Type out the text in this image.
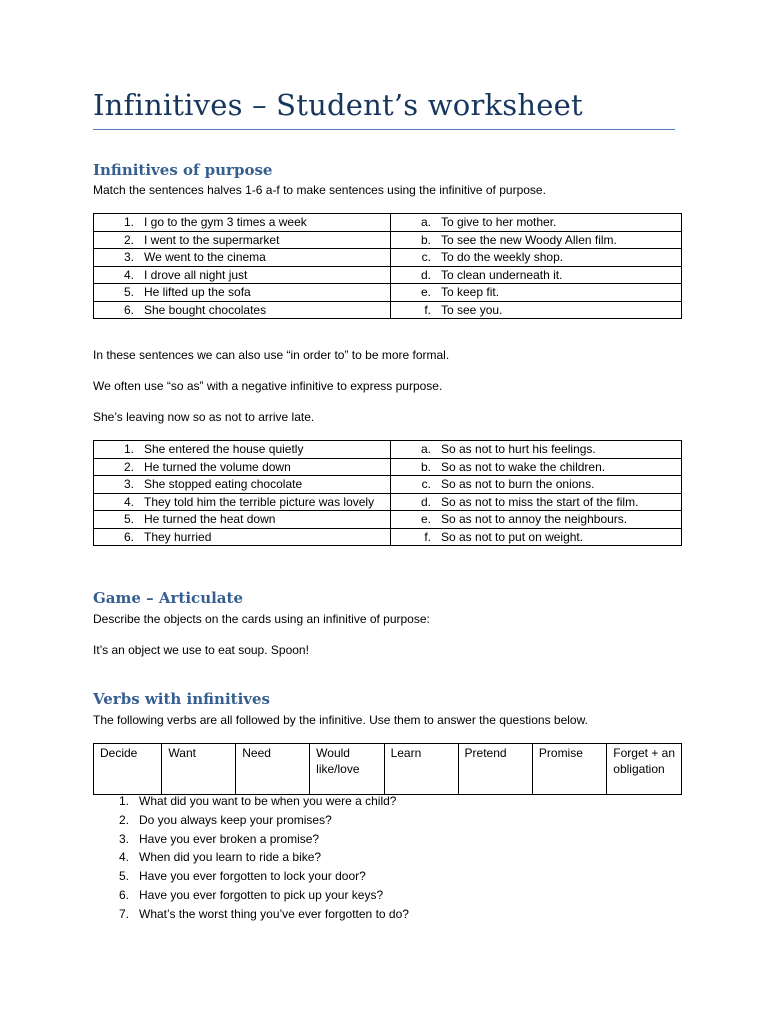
Infinitives – Student’s worksheet
Infinitives of purpose

Match the sentences halves 1-6 a-f to make sentences using the infinitive of purpose.

1. I go to the gym 3 times a week	a. To give to her mother.

2. I went to the supermarket	b. To see the new Woody Allen film.

3. We went to the cinema	c. To do the weekly shop.

4. I drove all night just	d. To clean underneath it.

5. He lifted up the sofa	e. To keep fit.

6. She bought chocolates	f. To see you.

In these sentences we can also use “in order to” to be more formal.

We often use “so as” with a negative infinitive to express purpose.

She’s leaving now so as not to arrive late.

1. She entered the house quietly	a. So as not to hurt his feelings.

2. He turned the volume down	b. So as not to wake the children.

3. She stopped eating chocolate	c. So as not to burn the onions.

4. They told him the terrible picture was lovely	d. So as not to miss the start of the film.

5. He turned the heat down	e. So as not to annoy the neighbours.

6. They hurried	f. So as not to put on weight.
Game – Articulate

Describe the objects on the cards using an infinitive of purpose:

It’s an object we use to eat soup. Spoon!

Verbs with infinitives

The following verbs are all followed by the infinitive. Use them to answer the questions below.

Decide	Want	Need	Would like/love	Learn	Pretend	Promise	Forget + an obligation
1. What did you want to be when you were a child?
2. Do you always keep your promises?
3. Have you ever broken a promise?
4. When did you learn to ride a bike?
5. Have you ever forgotten to lock your door?
6. Have you ever forgotten to pick up your keys?
7. What’s the worst thing you’ve ever forgotten to do?
